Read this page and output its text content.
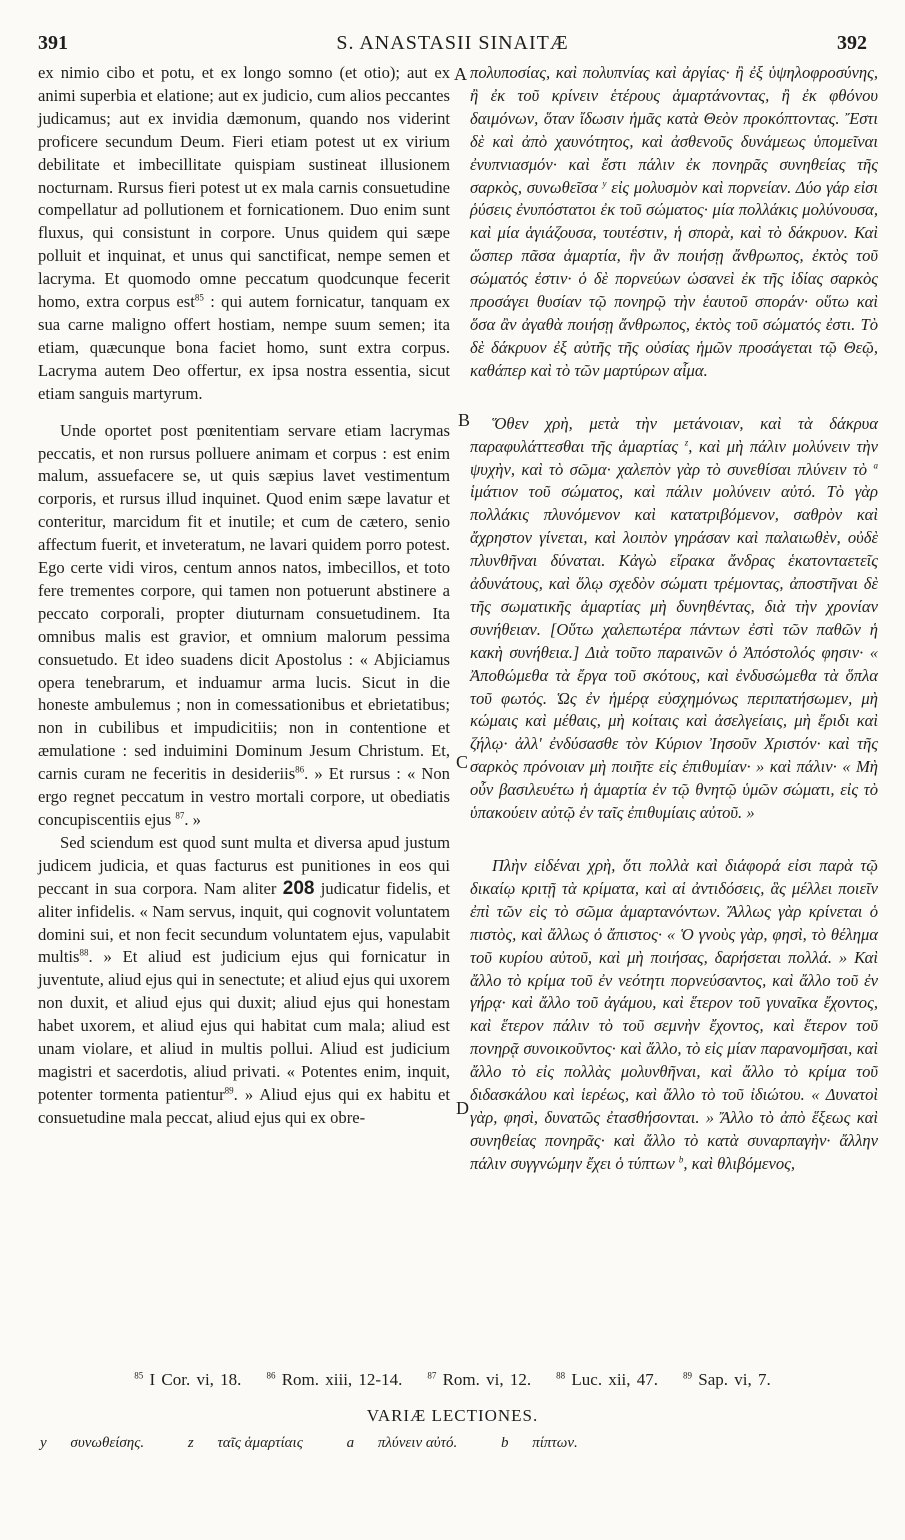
391	S. ANASTASII SINAITÆ	392

ex nimio cibo et potu, et ex longo somno (et otio); aut ex animi superbia et elatione; aut ex judicio, cum alios peccantes judicamus; aut ex invidia dæmonum, quando nos viderint proficere secundum Deum. Fieri etiam potest ut ex virium debilitate et imbecillitate quispiam sustineat illusionem nocturnam. Rursus fieri potest ut ex mala carnis consuetudine compellatur ad pollutionem et fornicationem. Duo enim sunt fluxus, qui consistunt in corpore. Unus quidem qui sæpe polluit et inquinat, et unus qui sanctificat, nempe semen et lacryma. Et quomodo omne peccatum quodcunque fecerit homo, extra corpus est$^{85}$ : qui autem fornicatur, tanquam ex sua carne maligno offert hostiam, nempe suum semen; ita etiam, quæcunque bona faciet homo, sunt extra corpus. Lacryma autem Deo offertur, ex ipsa nostra essentia, sicut etiam sanguis martyrum.

Unde oportet post pœnitentiam servare etiam lacrymas peccatis, et non rursus polluere animam et corpus : est enim malum, assuefacere se, ut quis sæpius lavet vestimentum corporis, et rursus illud inquinet. Quod enim sæpe lavatur et conteritur, marcidum fit et inutile; et cum de cætero, senio affectum fuerit, et inveteratum, ne lavari quidem porro potest. Ego certe vidi viros, centum annos natos, imbecillos, et toto fere trementes corpore, qui tamen non potuerunt abstinere a peccato corporali, propter diuturnam consuetudinem. Ita omnibus malis est gravior, et omnium malorum pessima consuetudo. Et ideo suadens dicit Apostolus : « Abjiciamus opera tenebrarum, et induamur arma lucis. Sicut in die honeste ambulemus ; non in comessationibus et ebrietatibus; non in cubilibus et impudicitiis; non in contentione et æmulatione : sed induimini Dominum Jesum Christum. Et, carnis curam ne feceritis in desideriis$^{86}$. » Et rursus : « Non ergo regnet peccatum in vestro mortali corpore, ut obediatis concupiscentiis ejus $^{87}$. »

Sed sciendum est quod sunt multa et diversa apud justum judicem judicia, et quas facturus est punitiones in eos qui peccant in sua corpora. Nam aliter 208 judicatur fidelis, et aliter infidelis. « Nam servus, inquit, qui cognovit voluntatem domini sui, et non fecit secundum voluntatem ejus, vapulabit multis$^{88}$. » Et aliud est judicium ejus qui fornicatur in juventute, aliud ejus qui in senectute; et aliud ejus qui uxorem non duxit, et aliud ejus qui duxit; aliud ejus qui honestam habet uxorem, et aliud ejus qui habitat cum mala; aliud est unam violare, et aliud in multis pollui. Aliud est judicium magistri et sacerdotis, aliud privati. « Potentes enim, inquit, potenter tormenta patientur$^{89}$. » Aliud ejus qui ex habitu et consuetudine mala peccat, aliud ejus qui ex obre-

A
B
C
D

πολυποσίας, καὶ πολυπνίας καὶ ἀργίας· ἢ ἐξ ὑψηλοφροσύνης, ἢ ἐκ τοῦ κρίνειν ἑτέρους ἁμαρτάνοντας, ἢ ἐκ φθόνου δαιμόνων, ὅταν ἴδωσιν ἡμᾶς κατὰ Θεὸν προκόπτοντας. Ἔστι δὲ καὶ ἀπὸ χαυνότητος, καὶ ἀσθενοῦς δυνάμεως ὑπομεῖναι ἐνυπνιασμόν· καὶ ἔστι πάλιν ἐκ πονηρᾶς συνηθείας τῆς σαρκὸς, συνωθεῖσα $^y$ εἰς μολυσμὸν καὶ πορνείαν. Δύο γάρ εἰσι ῥύσεις ἐνυπόστατοι ἐκ τοῦ σώματος· μία πολλάκις μολύνουσα, καὶ μία ἁγιάζουσα, τουτέστιν, ἡ σπορὰ, καὶ τὸ δάκρυον. Καὶ ὥσπερ πᾶσα ἁμαρτία, ἣν ἂν ποιήσῃ ἄνθρωπος, ἐκτὸς τοῦ σώματός ἐστιν· ὁ δὲ πορνεύων ὡσανεὶ ἐκ τῆς ἰδίας σαρκὸς προσάγει θυσίαν τῷ πονηρῷ τὴν ἑαυτοῦ σποράν· οὕτω καὶ ὅσα ἂν ἀγαθὰ ποιήσῃ ἄνθρωπος, ἐκτὸς τοῦ σώματός ἐστι. Τὸ δὲ δάκρυον ἐξ αὐτῆς τῆς οὐσίας ἡμῶν προσάγεται τῷ Θεῷ, καθάπερ καὶ τὸ τῶν μαρτύρων αἷμα.

Ὅθεν χρὴ, μετὰ τὴν μετάνοιαν, καὶ τὰ δάκρυα παραφυλάττεσθαι τῆς ἁμαρτίας $^z$, καὶ μὴ πάλιν μολύνειν τὴν ψυχὴν, καὶ τὸ σῶμα· χαλεπὸν γὰρ τὸ συνεθίσαι πλύνειν τὸ $^a$ ἱμάτιον τοῦ σώματος, καὶ πάλιν μολύνειν αὐτό. Τὸ γὰρ πολλάκις πλυνόμενον καὶ κατατριβόμενον, σαθρὸν καὶ ἄχρηστον γίνεται, καὶ λοιπὸν γηράσαν καὶ παλαιωθὲν, οὐδὲ πλυνθῆναι δύναται. Κἀγὼ εἴρακα ἄνδρας ἑκατονταετεῖς ἀδυνάτους, καὶ ὅλῳ σχεδὸν σώματι τρέμοντας, ἀποστῆναι δὲ τῆς σωματικῆς ἁμαρτίας μὴ δυνηθέντας, διὰ τὴν χρονίαν συνήθειαν. [Οὕτω χαλεπωτέρα πάντων ἐστὶ τῶν παθῶν ἡ κακὴ συνήθεια.] Διὰ τοῦτο παραινῶν ὁ Ἀπόστολός φησιν· « Ἀποθώμεθα τὰ ἔργα τοῦ σκότους, καὶ ἐνδυσώμεθα τὰ ὅπλα τοῦ φωτός. Ὡς ἐν ἡμέρᾳ εὐσχημόνως περιπατήσωμεν, μὴ κώμαις καὶ μέθαις, μὴ κοίταις καὶ ἀσελγείαις, μὴ ἔριδι καὶ ζήλῳ· ἀλλ' ἐνδύσασθε τὸν Κύριον Ἰησοῦν Χριστόν· καὶ τῆς σαρκὸς πρόνοιαν μὴ ποιῆτε εἰς ἐπιθυμίαν· » καὶ πάλιν· « Μὴ οὖν βασιλευέτω ἡ ἁμαρτία ἐν τῷ θνητῷ ὑμῶν σώματι, εἰς τὸ ὑπακούειν αὐτῷ ἐν ταῖς ἐπιθυμίαις αὐτοῦ. »

Πλὴν εἰδέναι χρὴ, ὅτι πολλὰ καὶ διάφορά εἰσι παρὰ τῷ δικαίῳ κριτῇ τὰ κρίματα, καὶ αἱ ἀντιδόσεις, ἃς μέλλει ποιεῖν ἐπὶ τῶν εἰς τὸ σῶμα ἁμαρτανόντων. Ἄλλως γὰρ κρίνεται ὁ πιστὸς, καὶ ἄλλως ὁ ἄπιστος· « Ὁ γνοὺς γὰρ, φησὶ, τὸ θέλημα τοῦ κυρίου αὐτοῦ, καὶ μὴ ποιήσας, δαρήσεται πολλά. » Καὶ ἄλλο τὸ κρίμα τοῦ ἐν νεότητι πορνεύσαντος, καὶ ἄλλο τοῦ ἐν γήρᾳ· καὶ ἄλλο τοῦ ἀγάμου, καὶ ἕτερον τοῦ γυναῖκα ἔχοντος, καὶ ἕτερον πάλιν τὸ τοῦ σεμνὴν ἔχοντος, καὶ ἕτερον τοῦ πονηρᾷ συνοικοῦντος· καὶ ἄλλο, τὸ εἰς μίαν παρανομῆσαι, καὶ ἄλλο τὸ εἰς πολλὰς μολυνθῆναι, καὶ ἄλλο τὸ κρίμα τοῦ διδασκάλου καὶ ἱερέως, καὶ ἄλλο τὸ τοῦ ἰδιώτου. « Δυνατοὶ γὰρ, φησὶ, δυνατῶς ἐτασθήσονται. » Ἄλλο τὸ ἀπὸ ἕξεως καὶ συνηθείας πονηρᾶς· καὶ ἄλλο τὸ κατὰ συναρπαγὴν· ἄλλην πάλιν συγγνώμην ἔχει ὁ τύπτων $^b$, καὶ θλιβόμενος,

$^{85}$ I Cor. vi, 18.	$^{86}$ Rom. xiii, 12-14.	$^{87}$ Rom. vi, 12.	$^{88}$ Luc. xii, 47.	$^{89}$ Sap. vi, 7.
VARIÆ LECTIONES.
y συνωθείσης.	z ταῖς ἁμαρτίαις	a πλύνειν αὐτό.	b πίπτων.
